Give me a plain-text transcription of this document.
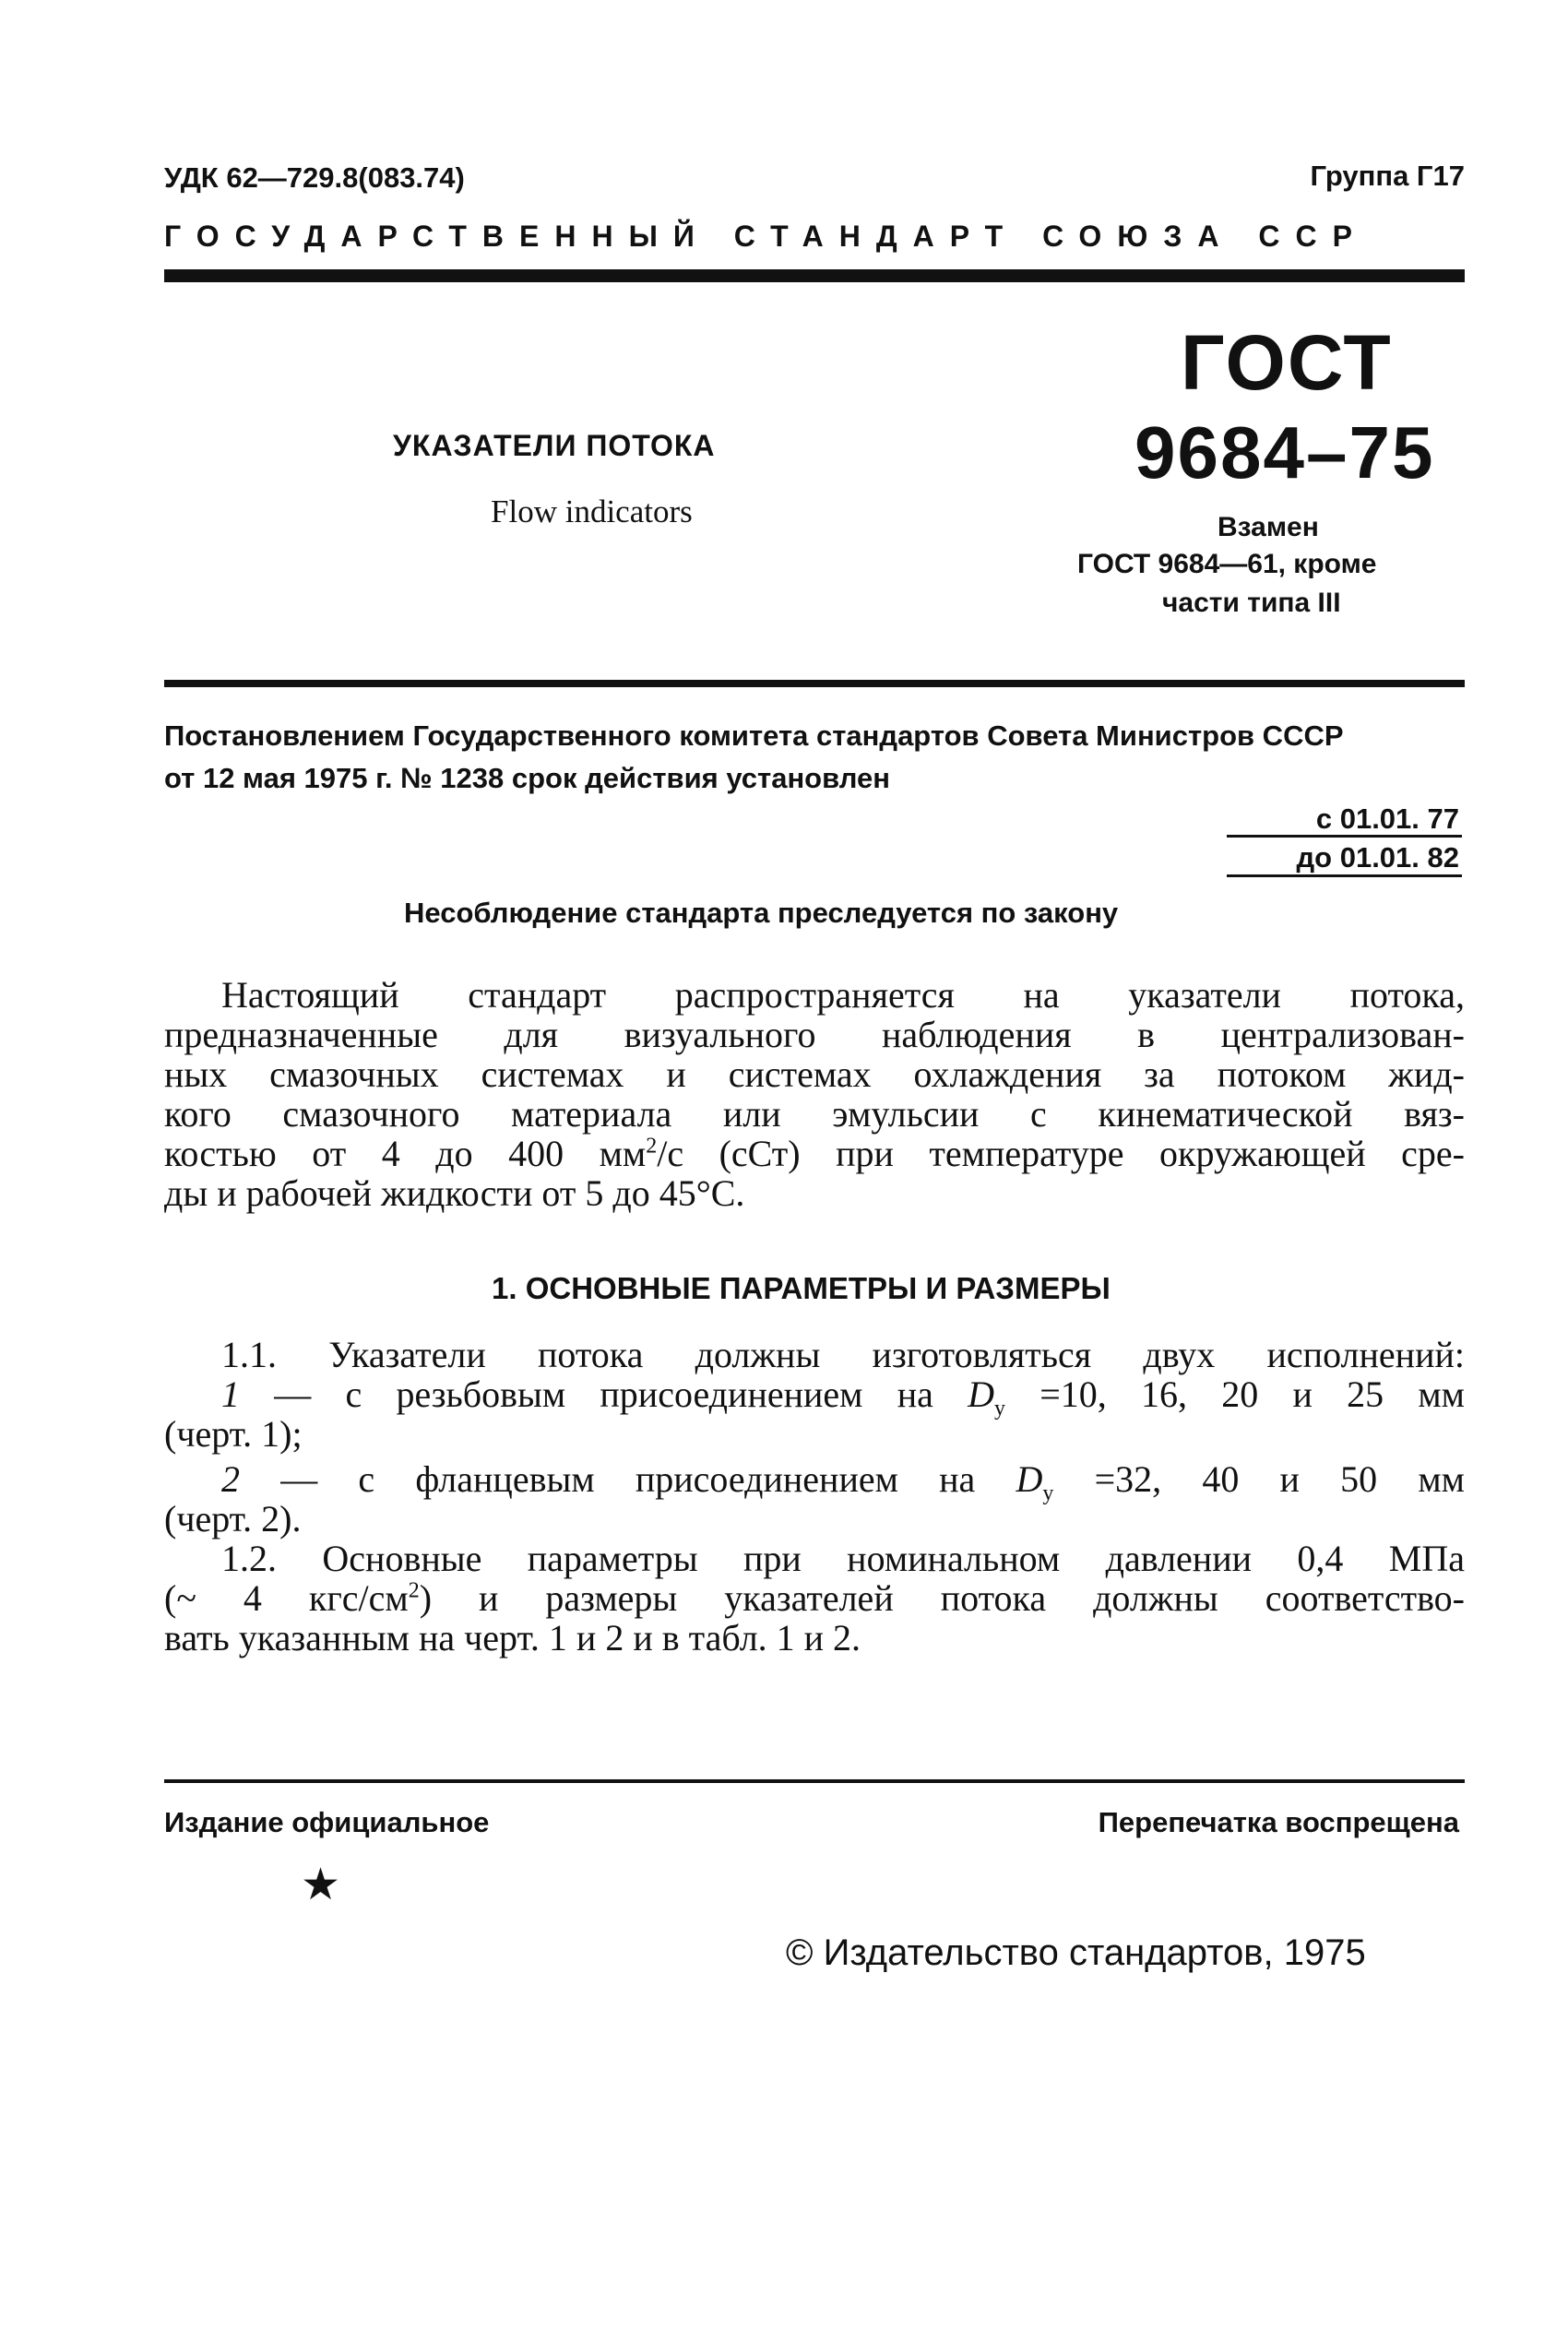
УДК 62—729.8(083.74)	Группа Г17
ГОСУДАРСТВЕННЫЙ СТАНДАРТ СОЮЗА ССР
УКАЗАТЕЛИ ПОТОКА
Flow indicators
ГОСТ
9684–75
Взамен
ГОСТ 9684—61, кроме
части типа III
Постановлением Государственного комитета стандартов Совета Министров СССР
от 12 мая 1975 г. № 1238 срок действия установлен
с 01.01. 77
до 01.01. 82
Несоблюдение стандарта преследуется по закону
Настоящий стандарт распространяется на указатели потока,
предназначенные для визуального наблюдения в централизован-
ных смазочных системах и системах охлаждения за потоком жид-
кого смазочного материала или эмульсии с кинематической вяз-
костью от 4 до 400 $мм^2/с$ (сСт) при температуре окружающей сре-
ды и рабочей жидкости от 5 до 45°С.
1. ОСНОВНЫЕ ПАРАМЕТРЫ И РАЗМЕРЫ
1.1. Указатели потока должны изготовляться двух исполнений:
1 — с резьбовым присоединением на $D_у =10$, 16, 20 и 25 мм
(черт. 1);
2 — с фланцевым присоединением на $D_у =32$, 40 и 50 мм
(черт. 2).
1.2. Основные параметры при номинальном давлении 0,4 МПа
(~ 4 кгс/$см^2$) и размеры указателей потока должны соответство-
вать указанным на черт. 1 и 2 и в табл. 1 и 2.
Издание официальное	Перепечатка воспрещена
★
© Издательство стандартов, 1975
